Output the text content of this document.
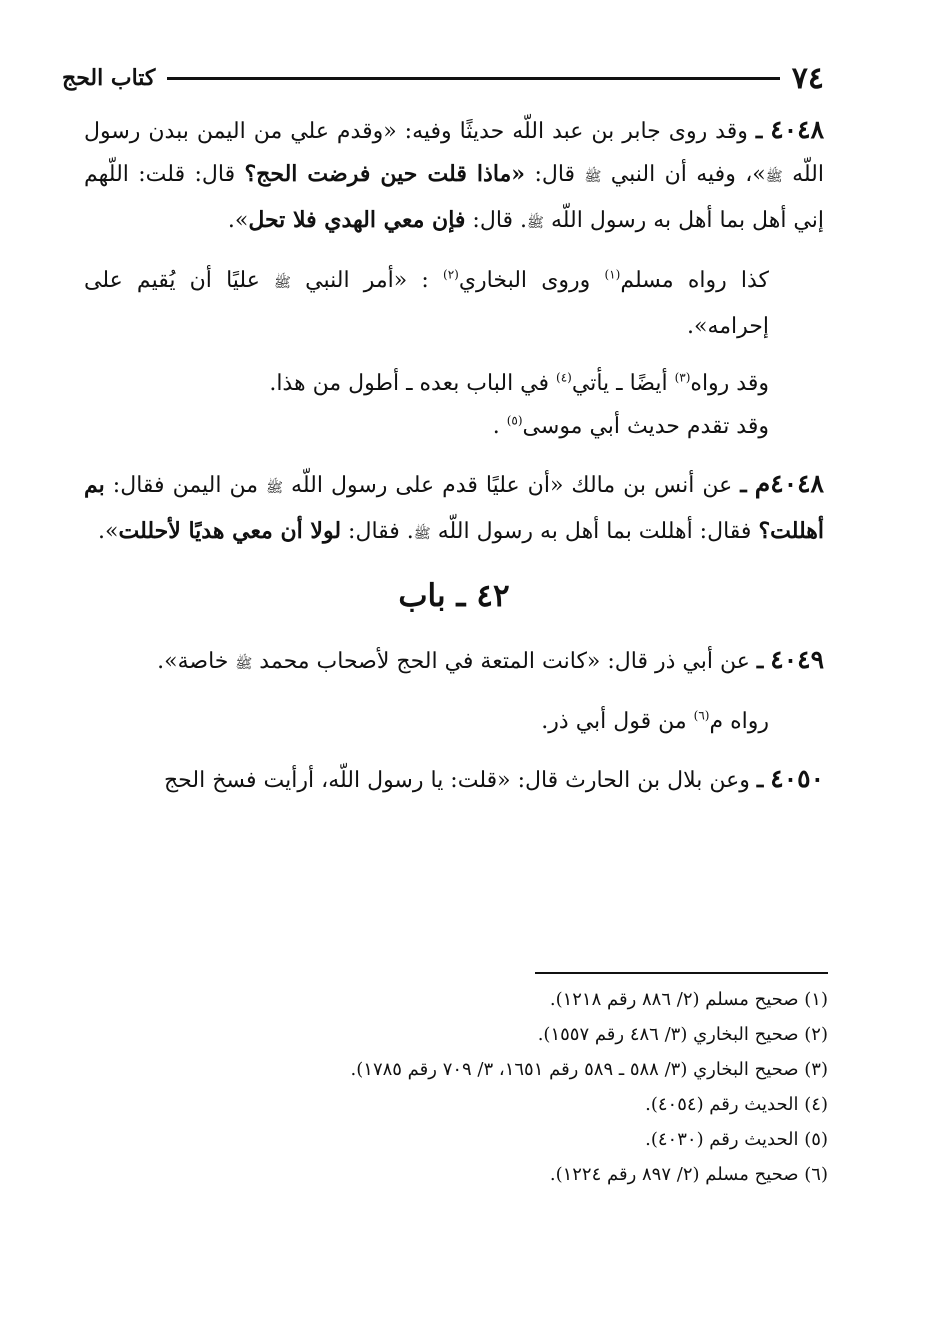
٧٤
كتاب الحج

٤٠٤٨ ـ وقد روى جابر بن عبد اللّه حديثًا وفيه: «وقدم علي من اليمن ببدن رسول اللّه ﷺ»، وفيه أن النبي ﷺ قال: «ماذا قلت حين فرضت الحج؟ قال: قلت: اللّهم إني أهل بما أهل به رسول اللّه ﷺ. قال: فإن معي الهدي فلا تحل».

كذا رواه مسلم$^{(١)}$ وروى البخاري$^{(٢)}$ : «أمر النبي ﷺ عليًا أن يُقيم على إحرامه».

وقد رواه$^{(٣)}$ أيضًا ـ يأتي$^{(٤)}$ في الباب بعده ـ أطول من هذا.

وقد تقدم حديث أبي موسى$^{(٥)}$ .

٤٠٤٨م ـ عن أنس بن مالك «أن عليًا قدم على رسول اللّه ﷺ من اليمن فقال: بم أهللت؟ فقال: أهللت بما أهل به رسول اللّه ﷺ. فقال: لولا أن معي هديًا لأحللت».

٤٢ ـ باب

٤٠٤٩ ـ عن أبي ذر قال: «كانت المتعة في الحج لأصحاب محمد ﷺ خاصة».

رواه م$^{(٦)}$ من قول أبي ذر.

٤٠٥٠ ـ وعن بلال بن الحارث قال: «قلت: يا رسول اللّه، أرأيت فسخ الحج

(١) صحيح مسلم (٢/ ٨٨٦ رقم ١٢١٨).

(٢) صحيح البخاري (٣/ ٤٨٦ رقم ١٥٥٧).

(٣) صحيح البخاري (٣/ ٥٨٨ ـ ٥٨٩ رقم ١٦٥١، ٣/ ٧٠٩ رقم ١٧٨٥).

(٤) الحديث رقم (٤٠٥٤).

(٥) الحديث رقم (٤٠٣٠).

(٦) صحيح مسلم (٢/ ٨٩٧ رقم ١٢٢٤).
